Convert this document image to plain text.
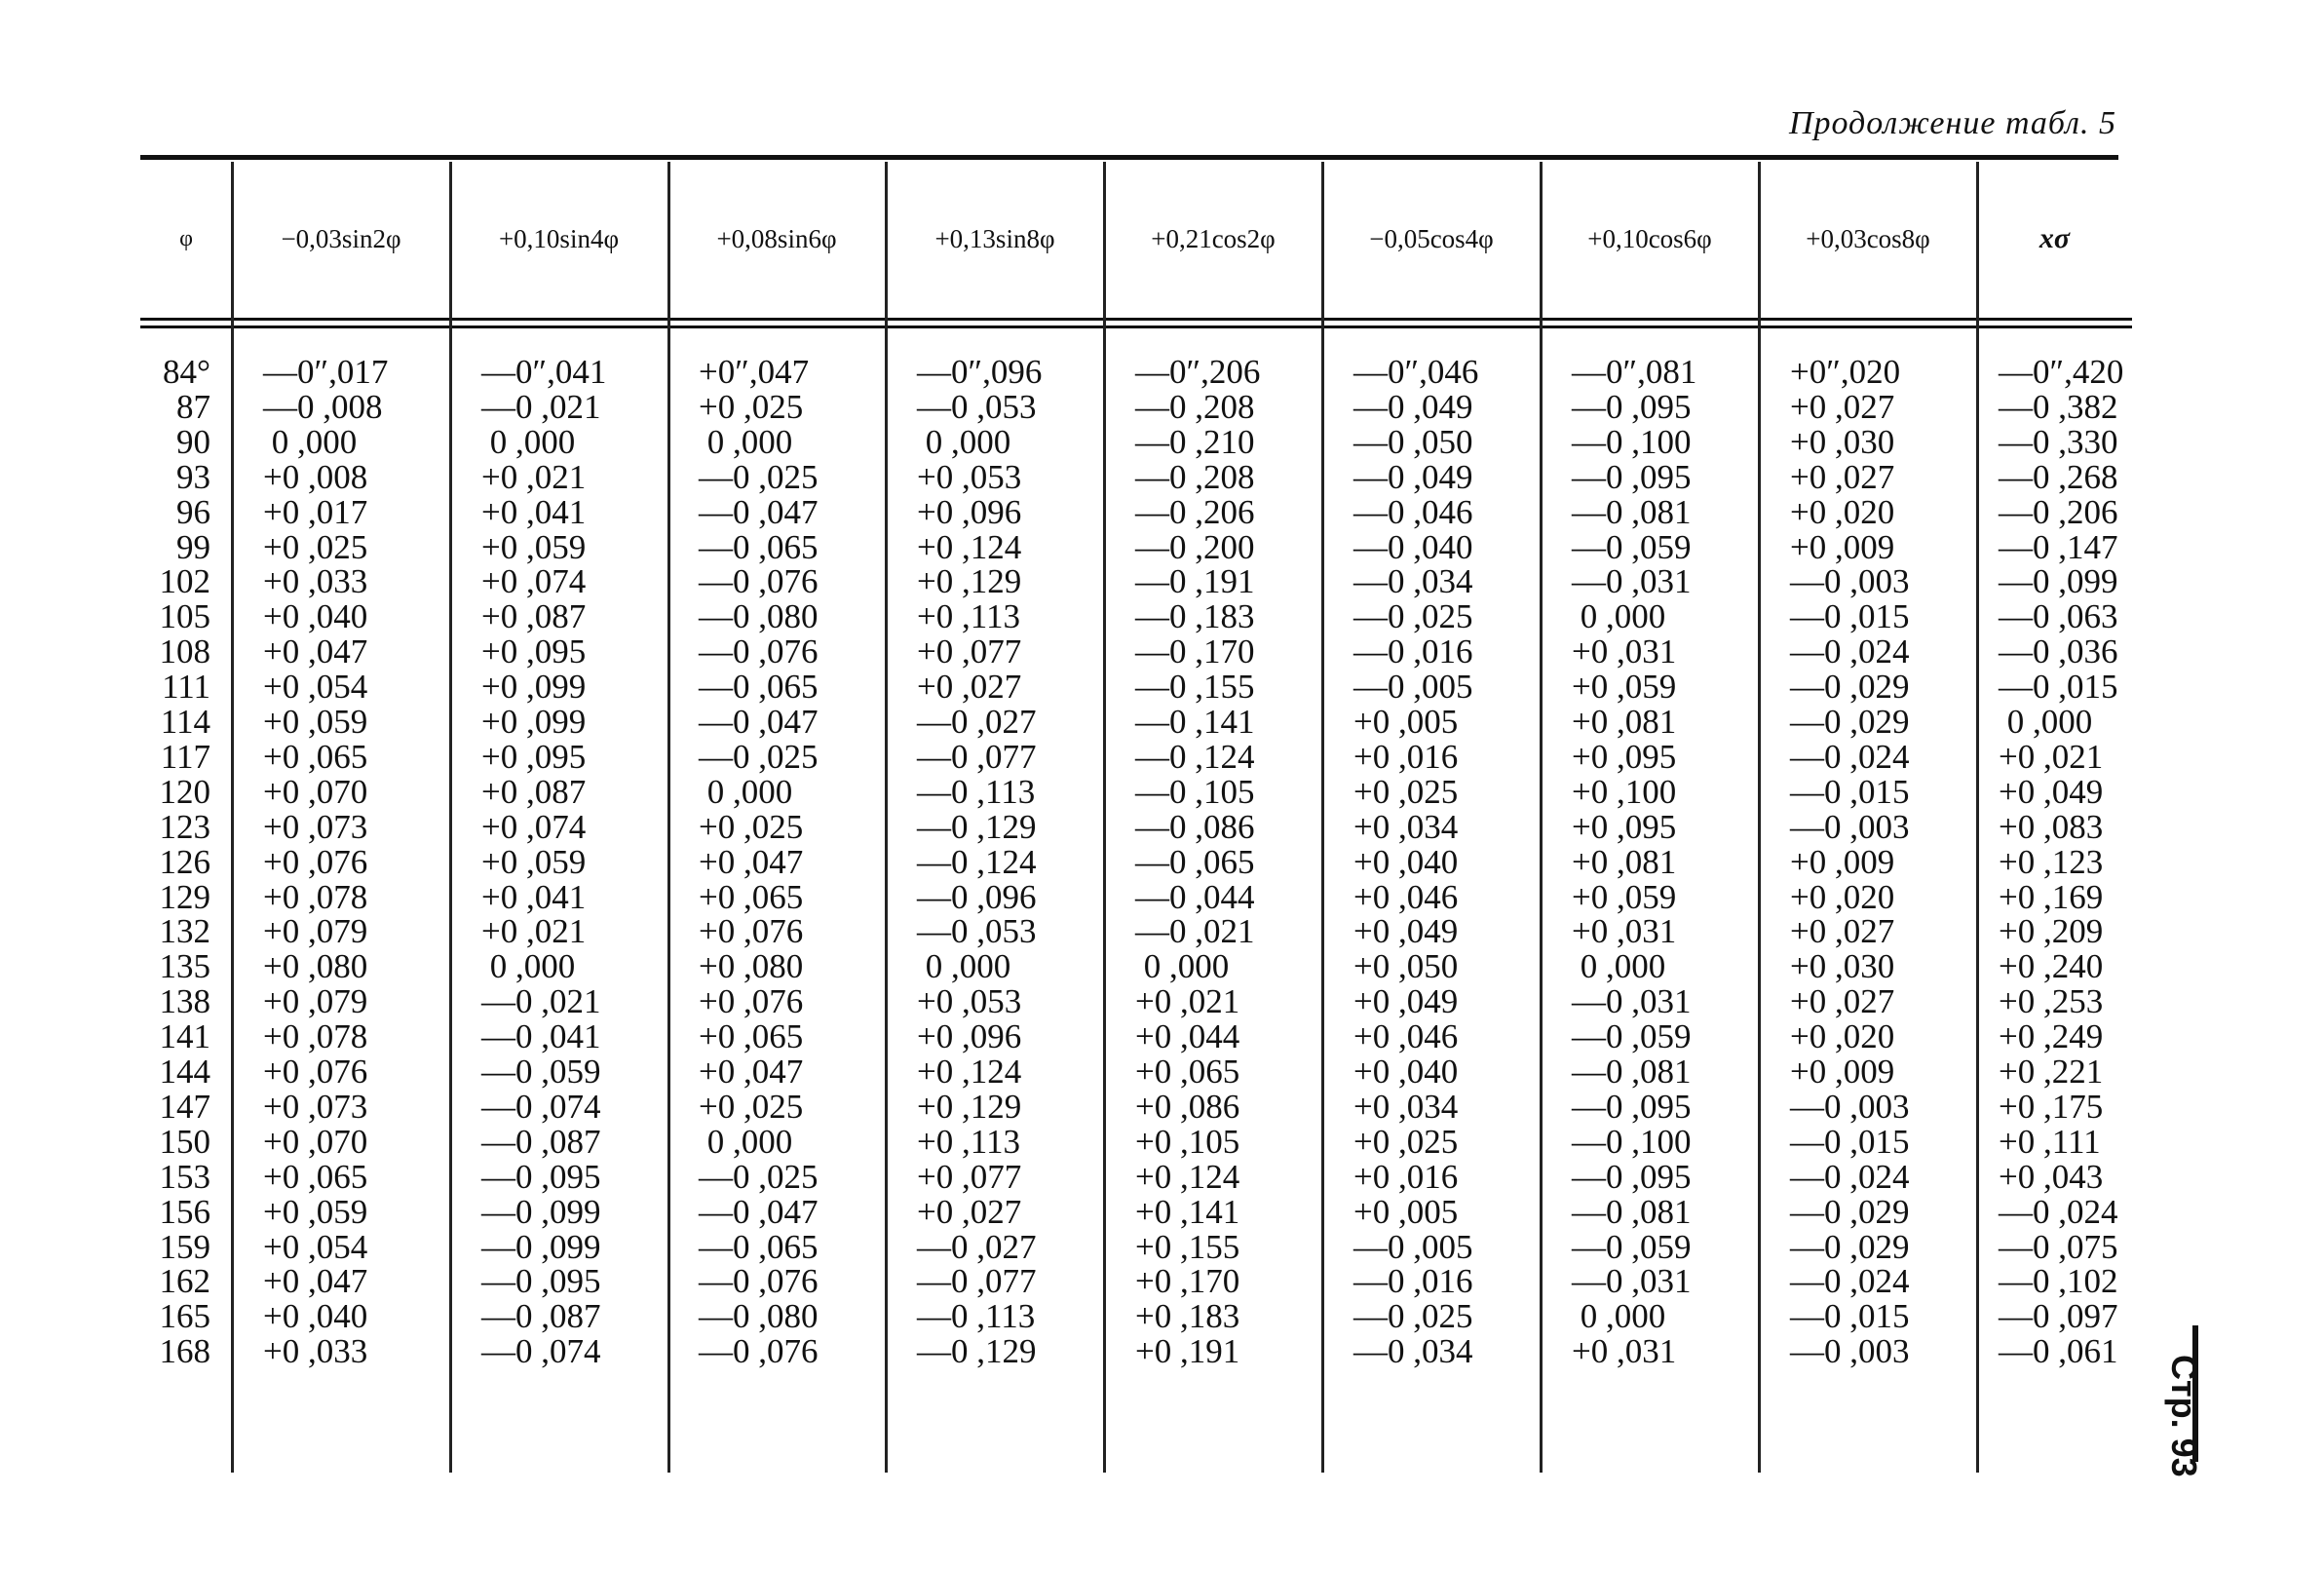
Продолжение табл. 5
φ	−0,03sin2φ	+0,10sin4φ	+0,08sin6φ	+0,13sin8φ	+0,21cos2φ	−0,05cos4φ	+0,10cos6φ	+0,03cos8φ	xσ
84° —0″,017	—0″,041	+0″,047	—0″,096	—0″,206	—0″,046	—0″,081	+0″,020	—0″,420
87 —0 ,008	—0 ,021	+0 ,025	—0 ,053	—0 ,208	—0 ,049	—0 ,095	+0 ,027	—0 ,382
90 0 ,000	0 ,000	0 ,000	0 ,000	—0 ,210	—0 ,050	—0 ,100	+0 ,030	—0 ,330
93 +0 ,008	+0 ,021	—0 ,025	+0 ,053	—0 ,208	—0 ,049	—0 ,095	+0 ,027	—0 ,268
96 +0 ,017	+0 ,041	—0 ,047	+0 ,096	—0 ,206	—0 ,046	—0 ,081	+0 ,020	—0 ,206
99 +0 ,025	+0 ,059	—0 ,065	+0 ,124	—0 ,200	—0 ,040	—0 ,059	+0 ,009	—0 ,147
102 +0 ,033	+0 ,074	—0 ,076	+0 ,129	—0 ,191	—0 ,034	—0 ,031	—0 ,003	—0 ,099
105 +0 ,040	+0 ,087	—0 ,080	+0 ,113	—0 ,183	—0 ,025	0 ,000	—0 ,015	—0 ,063
108 +0 ,047	+0 ,095	—0 ,076	+0 ,077	—0 ,170	—0 ,016	+0 ,031	—0 ,024	—0 ,036
111 +0 ,054	+0 ,099	—0 ,065	+0 ,027	—0 ,155	—0 ,005	+0 ,059	—0 ,029	—0 ,015
114 +0 ,059	+0 ,099	—0 ,047	—0 ,027	—0 ,141	+0 ,005	+0 ,081	—0 ,029	0 ,000
117 +0 ,065	+0 ,095	—0 ,025	—0 ,077	—0 ,124	+0 ,016	+0 ,095	—0 ,024	+0 ,021
120 +0 ,070	+0 ,087	0 ,000	—0 ,113	—0 ,105	+0 ,025	+0 ,100	—0 ,015	+0 ,049
123 +0 ,073	+0 ,074	+0 ,025	—0 ,129	—0 ,086	+0 ,034	+0 ,095	—0 ,003	+0 ,083
126 +0 ,076	+0 ,059	+0 ,047	—0 ,124	—0 ,065	+0 ,040	+0 ,081	+0 ,009	+0 ,123
129 +0 ,078	+0 ,041	+0 ,065	—0 ,096	—0 ,044	+0 ,046	+0 ,059	+0 ,020	+0 ,169
132 +0 ,079	+0 ,021	+0 ,076	—0 ,053	—0 ,021	+0 ,049	+0 ,031	+0 ,027	+0 ,209
135 +0 ,080	0 ,000	+0 ,080	0 ,000	0 ,000	+0 ,050	0 ,000	+0 ,030	+0 ,240
138 +0 ,079	—0 ,021	+0 ,076	+0 ,053	+0 ,021	+0 ,049	—0 ,031	+0 ,027	+0 ,253
141 +0 ,078	—0 ,041	+0 ,065	+0 ,096	+0 ,044	+0 ,046	—0 ,059	+0 ,020	+0 ,249
144 +0 ,076	—0 ,059	+0 ,047	+0 ,124	+0 ,065	+0 ,040	—0 ,081	+0 ,009	+0 ,221
147 +0 ,073	—0 ,074	+0 ,025	+0 ,129	+0 ,086	+0 ,034	—0 ,095	—0 ,003	+0 ,175
150 +0 ,070	—0 ,087	0 ,000	+0 ,113	+0 ,105	+0 ,025	—0 ,100	—0 ,015	+0 ,111
153 +0 ,065	—0 ,095	—0 ,025	+0 ,077	+0 ,124	+0 ,016	—0 ,095	—0 ,024	+0 ,043
156 +0 ,059	—0 ,099	—0 ,047	+0 ,027	+0 ,141	+0 ,005	—0 ,081	—0 ,029	—0 ,024
159 +0 ,054	—0 ,099	—0 ,065	—0 ,027	+0 ,155	—0 ,005	—0 ,059	—0 ,029	—0 ,075
162 +0 ,047	—0 ,095	—0 ,076	—0 ,077	+0 ,170	—0 ,016	—0 ,031	—0 ,024	—0 ,102
165 +0 ,040	—0 ,087	—0 ,080	—0 ,113	+0 ,183	—0 ,025	0 ,000	—0 ,015	—0 ,097
168 +0 ,033	—0 ,074	—0 ,076	—0 ,129	+0 ,191	—0 ,034	+0 ,031	—0 ,003	—0 ,061
Стр. 93
